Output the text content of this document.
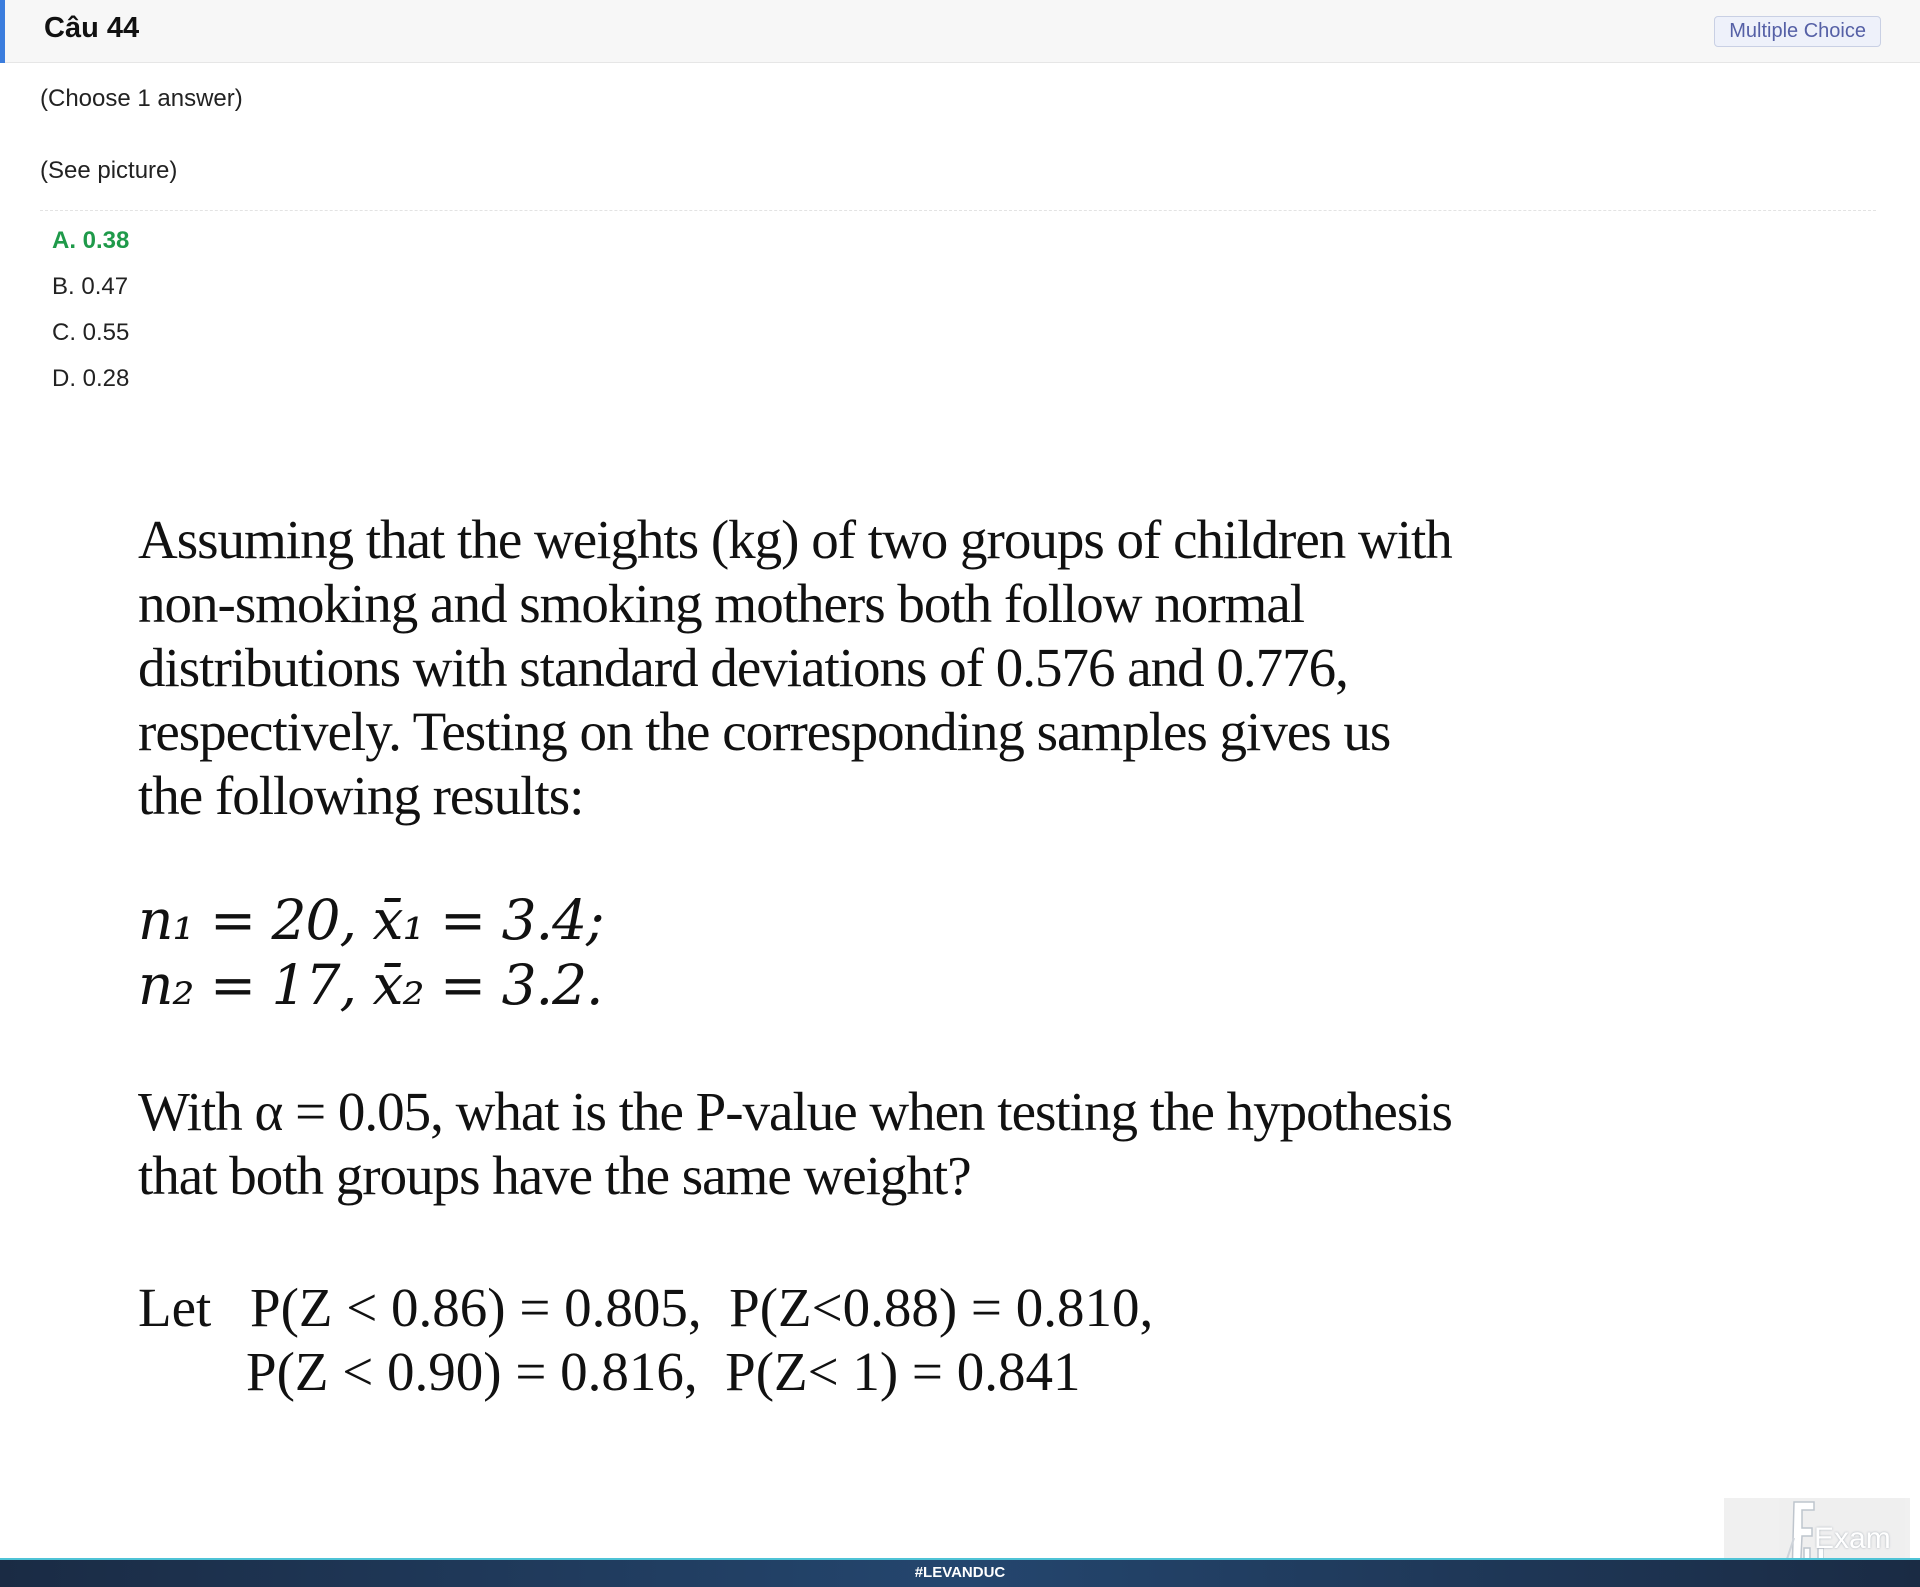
Câu 44	Multiple Choice
(Choose 1 answer)
(See picture)
A. 0.38
B. 0.47
C. 0.55
D. 0.28

Assuming that the weights (kg) of two groups of children with
non-smoking and smoking mothers both follow normal
distributions with standard deviations of 0.576 and 0.776,
respectively. Testing on the corresponding samples gives us
the following results:

n₁ = 20, x̄₁ = 3.4;
n₂ = 17, x̄₂ = 3.2.

With α = 0.05, what is the P-value when testing the hypothesis
that both groups have the same weight?

Let P(Z < 0.86) = 0.805,  P(Z<0.88) = 0.810,
P(Z < 0.90) = 0.816,  P(Z< 1) = 0.841
Exam
#LEVANDUC
